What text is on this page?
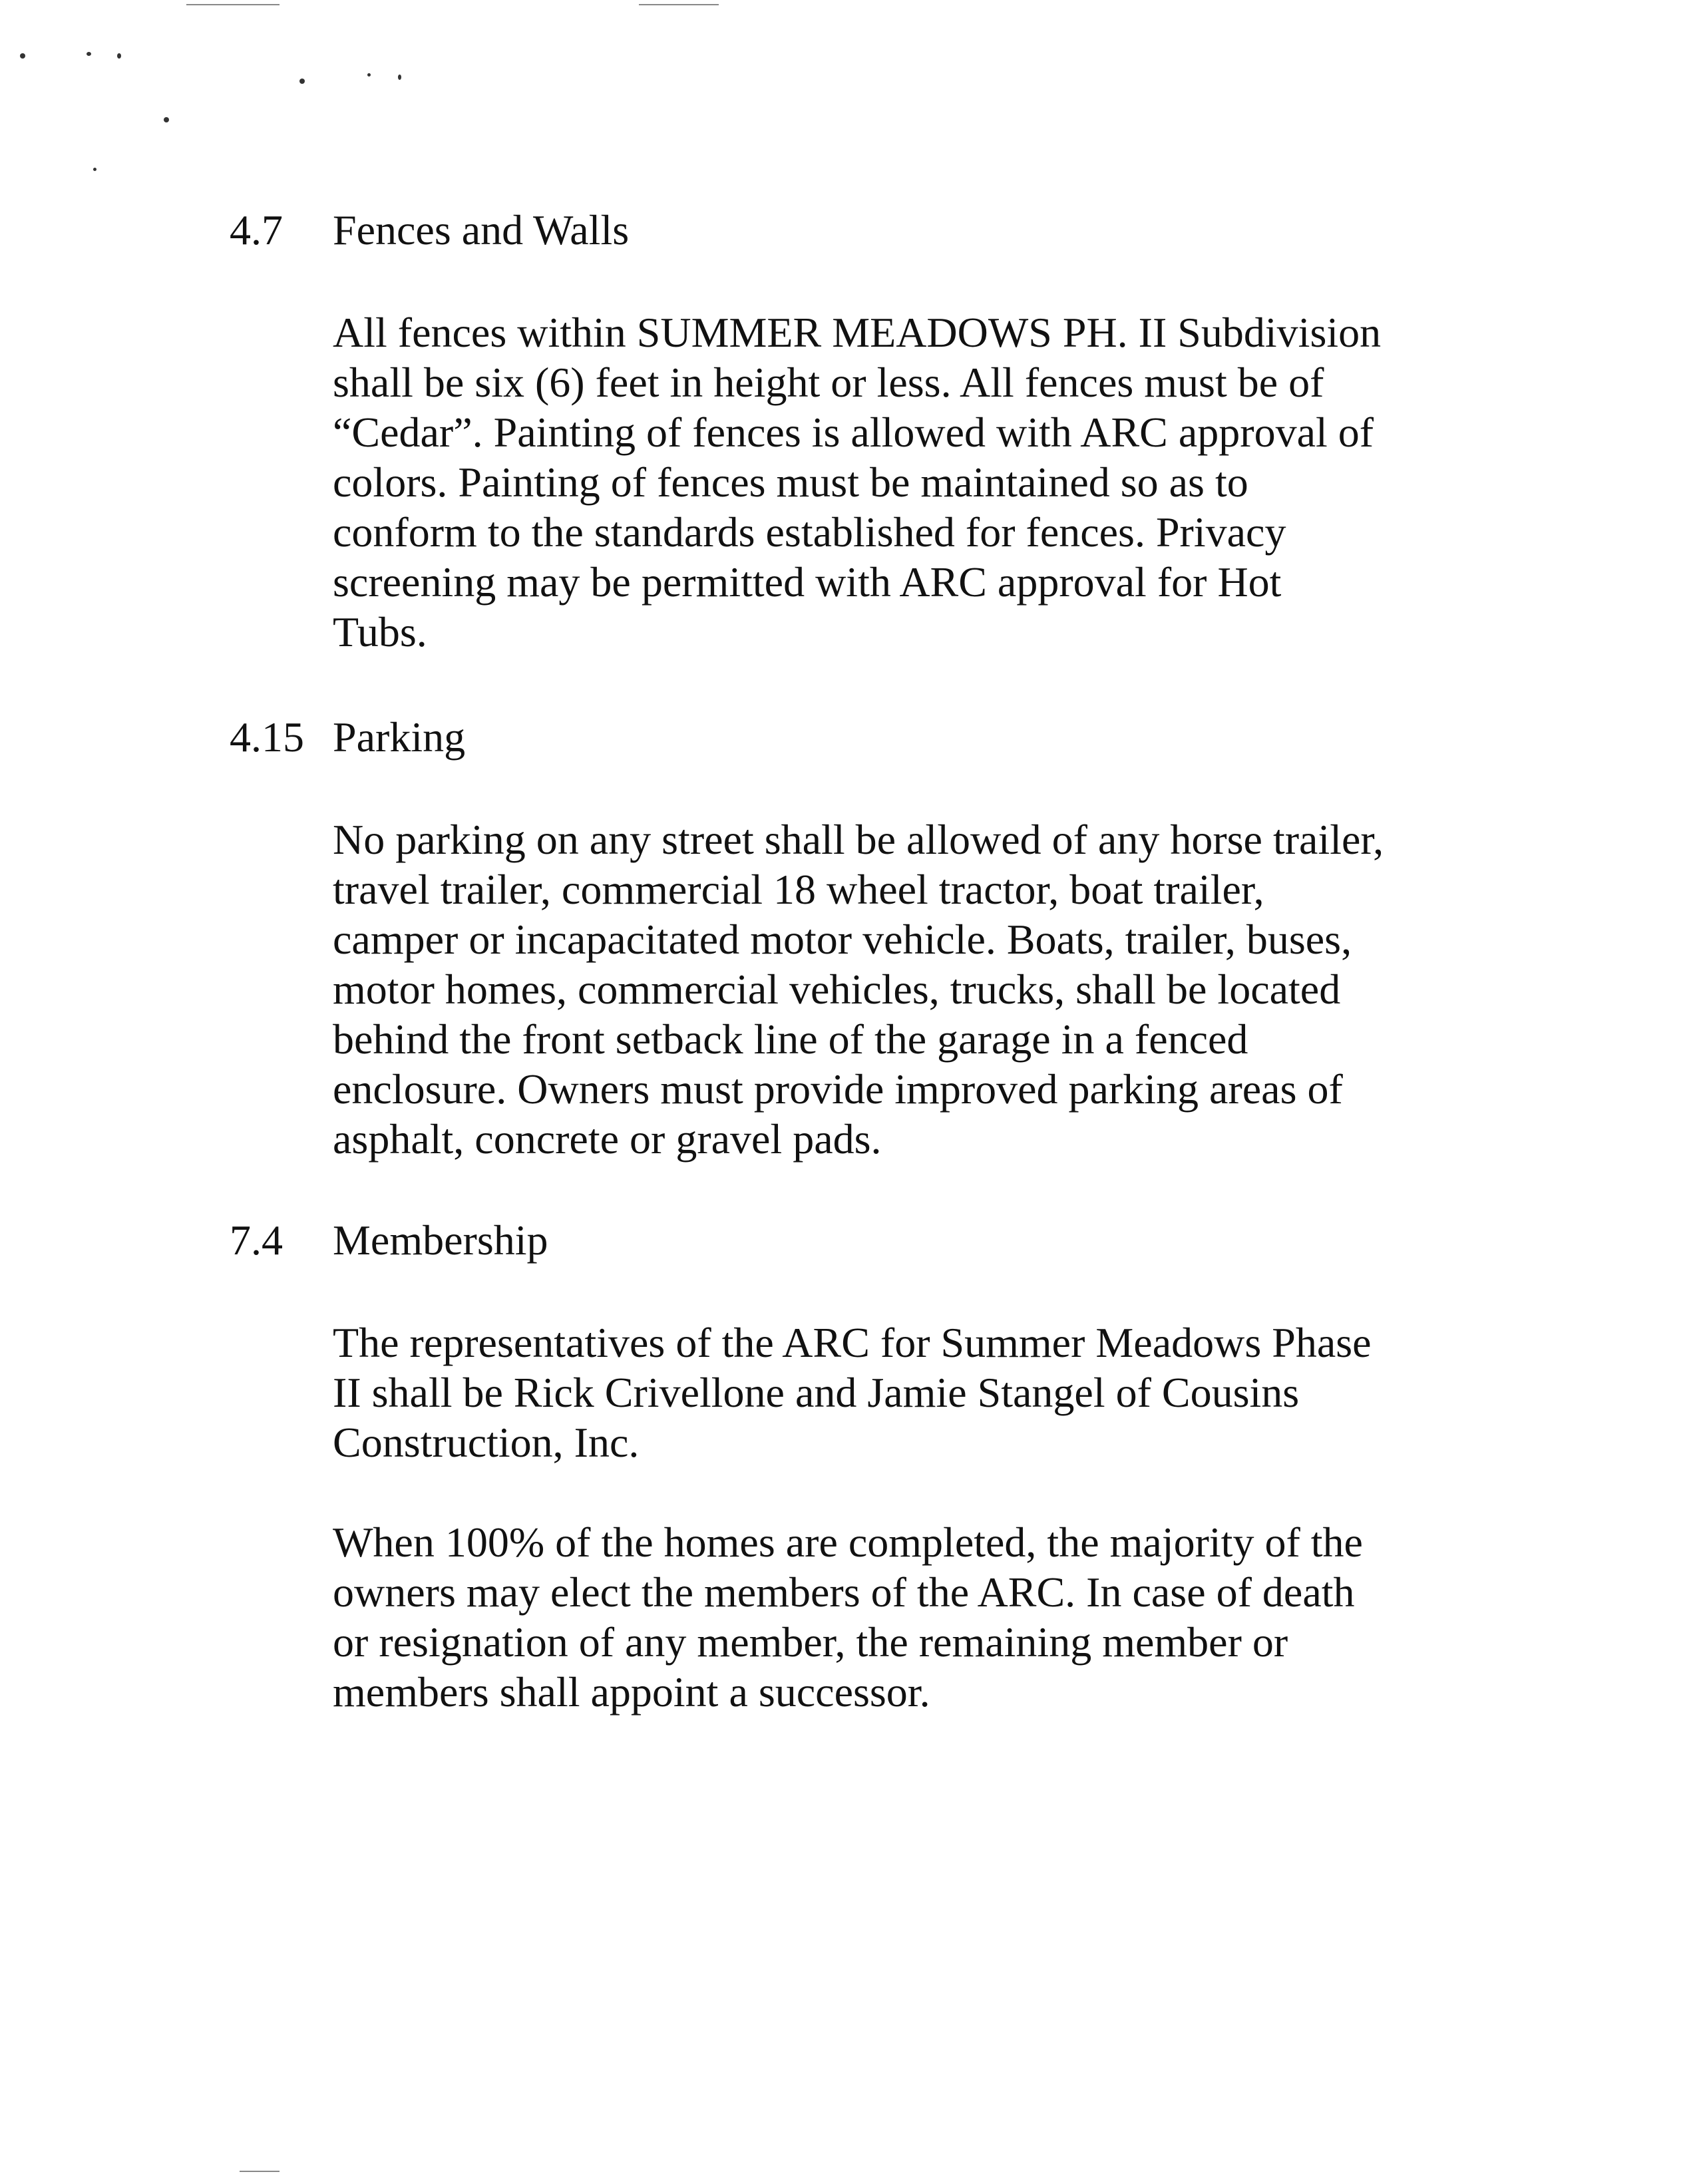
4.7	Fences and Walls
All fences within SUMMER MEADOWS PH. II Subdivision
shall be six (6) feet in height or less. All fences must be of
“Cedar”. Painting of fences is allowed with ARC approval of
colors. Painting of fences must be maintained so as to
conform to the standards established for fences. Privacy
screening may be permitted with ARC approval for Hot
Tubs.
4.15 Parking
No parking on any street shall be allowed of any horse trailer,
travel trailer, commercial 18 wheel tractor, boat trailer,
camper or incapacitated motor vehicle. Boats, trailer, buses,
motor homes, commercial vehicles, trucks, shall be located
behind the front setback line of the garage in a fenced
enclosure. Owners must provide improved parking areas of
asphalt, concrete or gravel pads.
7.4	Membership
The representatives of the ARC for Summer Meadows Phase
II shall be Rick Crivellone and Jamie Stangel of Cousins
Construction, Inc.
When 100% of the homes are completed, the majority of the
owners may elect the members of the ARC. In case of death
or resignation of any member, the remaining member or
members shall appoint a successor.
